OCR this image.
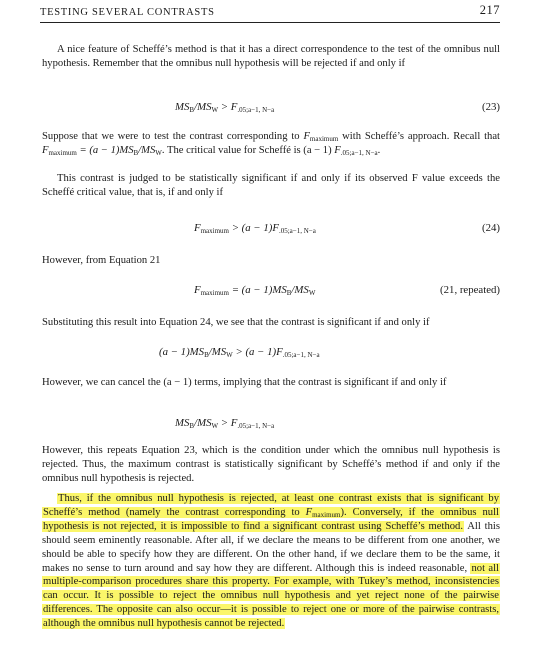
TESTING SEVERAL CONTRASTS	217
A nice feature of Scheffé’s method is that it has a direct correspondence to the test of the omnibus null hypothesis. Remember that the omnibus null hypothesis will be rejected if and only if
$MS_B/MS_W > F_{.05;a-1, N-a}$	(23)
Suppose that we were to test the contrast corresponding to $F_{maximum}$ with Scheffé’s approach. Recall that $F_{maximum} = (a - 1)MS_B/MS_W$. The critical value for Scheffé is (a − 1) $F_{.05;a-1, N-a}$.
This contrast is judged to be statistically significant if and only if its observed F value exceeds the Scheffé critical value, that is, if and only if
$F_{maximum} > (a - 1)F_{.05;a-1, N-a}$	(24)
However, from Equation 21
$F_{maximum} = (a - 1)MS_B/MS_W$	(21, repeated)
Substituting this result into Equation 24, we see that the contrast is significant if and only if
$(a - 1)MS_B/MS_W > (a - 1)F_{.05;a-1, N-a}$
However, we can cancel the (a − 1) terms, implying that the contrast is significant if and only if
$MS_B/MS_W > F_{.05;a-1, N-a}$
However, this repeats Equation 23, which is the condition under which the omnibus null hypothesis is rejected. Thus, the maximum contrast is statistically significant by Scheffé’s method if and only if the omnibus null hypothesis is rejected.
Thus, if the omnibus null hypothesis is rejected, at least one contrast exists that is significant by Scheffé’s method (namely the contrast corresponding to $F_{maximum}$). Conversely, if the omnibus null hypothesis is not rejected, it is impossible to find a significant contrast using Scheffé’s method. All this should seem eminently reasonable. After all, if we declare the means to be different from one another, we should be able to specify how they are different. On the other hand, if we declare them to be the same, it makes no sense to turn around and say how they are different. Although this is indeed reasonable, not all multiple-comparison procedures share this property. For example, with Tukey’s method, inconsistencies can occur. It is possible to reject the omnibus null hypothesis and yet reject none of the pairwise differences. The opposite can also occur—it is possible to reject one or more of the pairwise contrasts, although the omnibus null hypothesis cannot be rejected.
